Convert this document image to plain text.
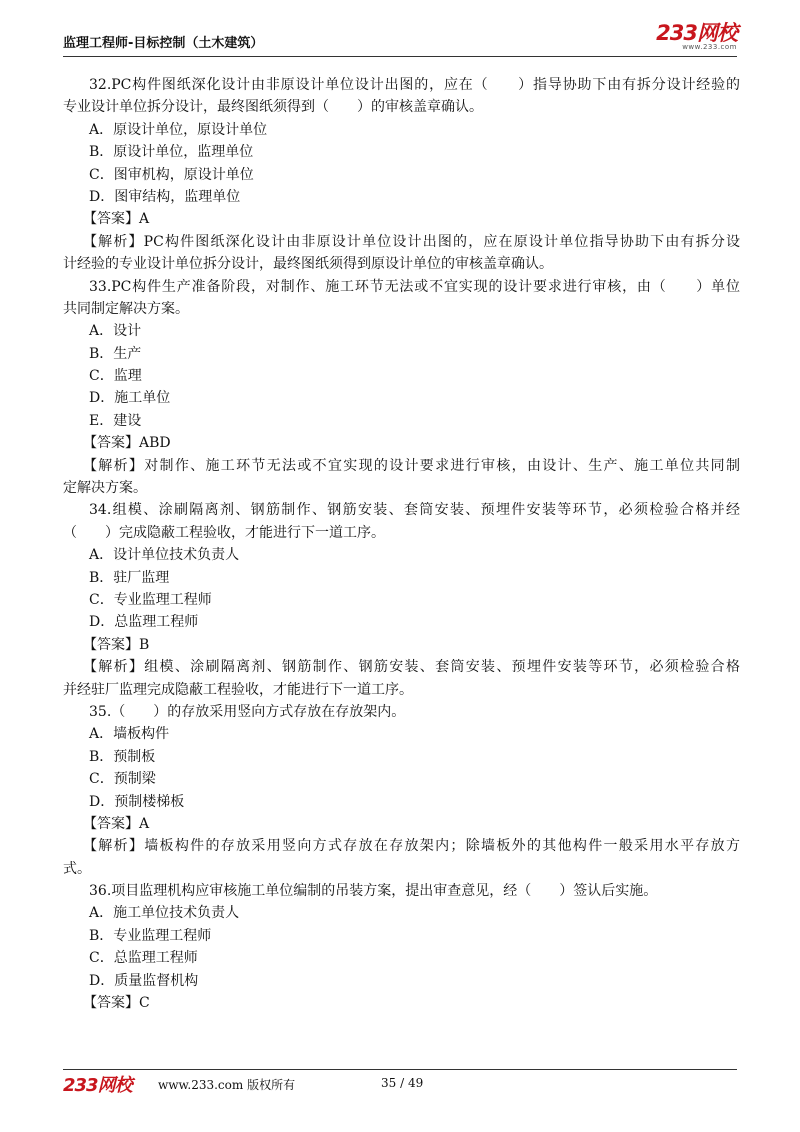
监理工程师-目标控制（土木建筑）	233网校
www.233.com
32.PC构件图纸深化设计由非原设计单位设计出图的，应在（　　）指导协助下由有拆分设计经验的
专业设计单位拆分设计，最终图纸须得到（　　）的审核盖章确认。
A．原设计单位，原设计单位
B．原设计单位，监理单位
C．图审机构，原设计单位
D．图审结构，监理单位
【答案】A
【解析】PC构件图纸深化设计由非原设计单位设计出图的，应在原设计单位指导协助下由有拆分设
计经验的专业设计单位拆分设计，最终图纸须得到原设计单位的审核盖章确认。
33.PC构件生产准备阶段，对制作、施工环节无法或不宜实现的设计要求进行审核，由（　　）单位
共同制定解决方案。
A．设计
B．生产
C．监理
D．施工单位
E．建设
【答案】ABD
【解析】对制作、施工环节无法或不宜实现的设计要求进行审核，由设计、生产、施工单位共同制
定解决方案。
34.组模、涂刷隔离剂、钢筋制作、钢筋安装、套筒安装、预埋件安装等环节，必须检验合格并经
（　　）完成隐蔽工程验收，才能进行下一道工序。
A．设计单位技术负责人
B．驻厂监理
C．专业监理工程师
D．总监理工程师
【答案】B
【解析】组模、涂刷隔离剂、钢筋制作、钢筋安装、套筒安装、预埋件安装等环节，必须检验合格
并经驻厂监理完成隐蔽工程验收，才能进行下一道工序。
35.（　　）的存放采用竖向方式存放在存放架内。
A．墙板构件
B．预制板
C．预制梁
D．预制楼梯板
【答案】A
【解析】墙板构件的存放采用竖向方式存放在存放架内；除墙板外的其他构件一般采用水平存放方
式。
36.项目监理机构应审核施工单位编制的吊装方案，提出审查意见，经（　　）签认后实施。
A．施工单位技术负责人
B．专业监理工程师
C．总监理工程师
D．质量监督机构
【答案】C
233网校 www.233.com 版权所有	35 / 49
